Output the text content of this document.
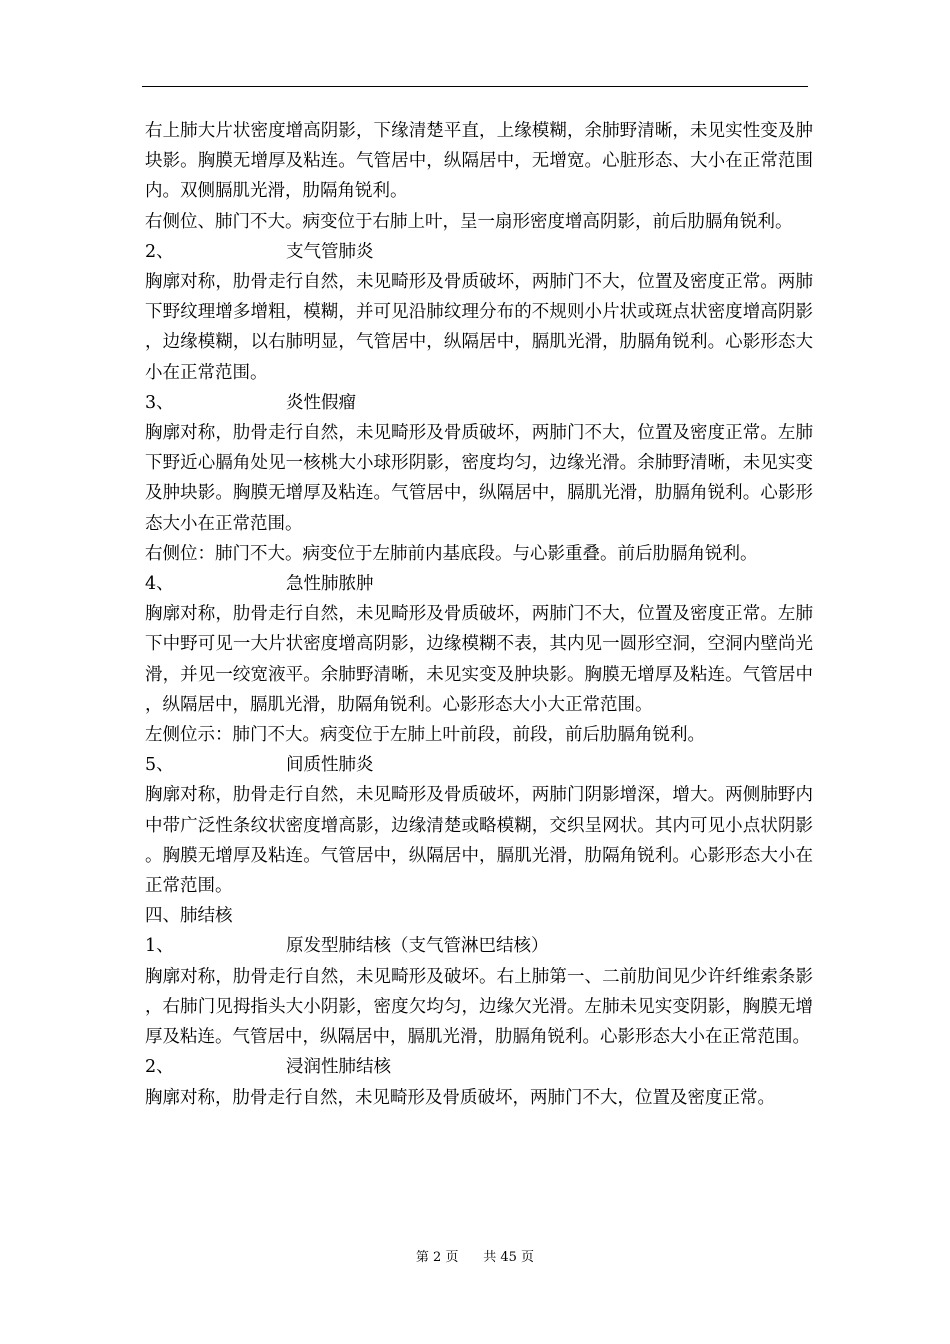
右上肺大片状密度增高阴影，下缘清楚平直，上缘模糊，余肺野清晰，未见实性变及肿块影。胸膜无增厚及粘连。气管居中，纵隔居中，无增宽。心脏形态、大小在正常范围内。双侧膈肌光滑，肋隔角锐利。

右侧位、肺门不大。病变位于右肺上叶，呈一扇形密度增高阴影，前后肋膈角锐利。

2、	支气管肺炎

胸廓对称，肋骨走行自然，未见畸形及骨质破坏，两肺门不大，位置及密度正常。两肺下野纹理增多增粗，模糊，并可见沿肺纹理分布的不规则小片状或斑点状密度增高阴影，边缘模糊，以右肺明显，气管居中，纵隔居中，膈肌光滑，肋膈角锐利。心影形态大小在正常范围。

3、	炎性假瘤

胸廓对称，肋骨走行自然，未见畸形及骨质破坏，两肺门不大，位置及密度正常。左肺下野近心膈角处见一核桃大小球形阴影，密度均匀，边缘光滑。余肺野清晰，未见实变及肿块影。胸膜无增厚及粘连。气管居中，纵隔居中，膈肌光滑，肋膈角锐利。心影形态大小在正常范围。

右侧位：肺门不大。病变位于左肺前内基底段。与心影重叠。前后肋膈角锐利。

4、	急性肺脓肿

胸廓对称，肋骨走行自然，未见畸形及骨质破坏，两肺门不大，位置及密度正常。左肺下中野可见一大片状密度增高阴影，边缘模糊不表，其内见一圆形空洞，空洞内壁尚光滑，并见一绞宽液平。余肺野清晰，未见实变及肿块影。胸膜无增厚及粘连。气管居中，纵隔居中，膈肌光滑，肋隔角锐利。心影形态大小大正常范围。

左侧位示：肺门不大。病变位于左肺上叶前段，前段，前后肋膈角锐利。

5、	间质性肺炎

胸廓对称，肋骨走行自然，未见畸形及骨质破坏，两肺门阴影增深，增大。两侧肺野内中带广泛性条纹状密度增高影，边缘清楚或略模糊，交织呈网状。其内可见小点状阴影。胸膜无增厚及粘连。气管居中，纵隔居中，膈肌光滑，肋隔角锐利。心影形态大小在正常范围。

四、肺结核

1、	原发型肺结核（支气管淋巴结核）

胸廓对称，肋骨走行自然，未见畸形及破坏。右上肺第一、二前肋间见少许纤维索条影，右肺门见拇指头大小阴影，密度欠均匀，边缘欠光滑。左肺未见实变阴影，胸膜无增厚及粘连。气管居中，纵隔居中，膈肌光滑，肋膈角锐利。心影形态大小在正常范围。

2、	浸润性肺结核

胸廓对称，肋骨走行自然，未见畸形及骨质破坏，两肺门不大，位置及密度正常。

第 2 页      共 45 页
